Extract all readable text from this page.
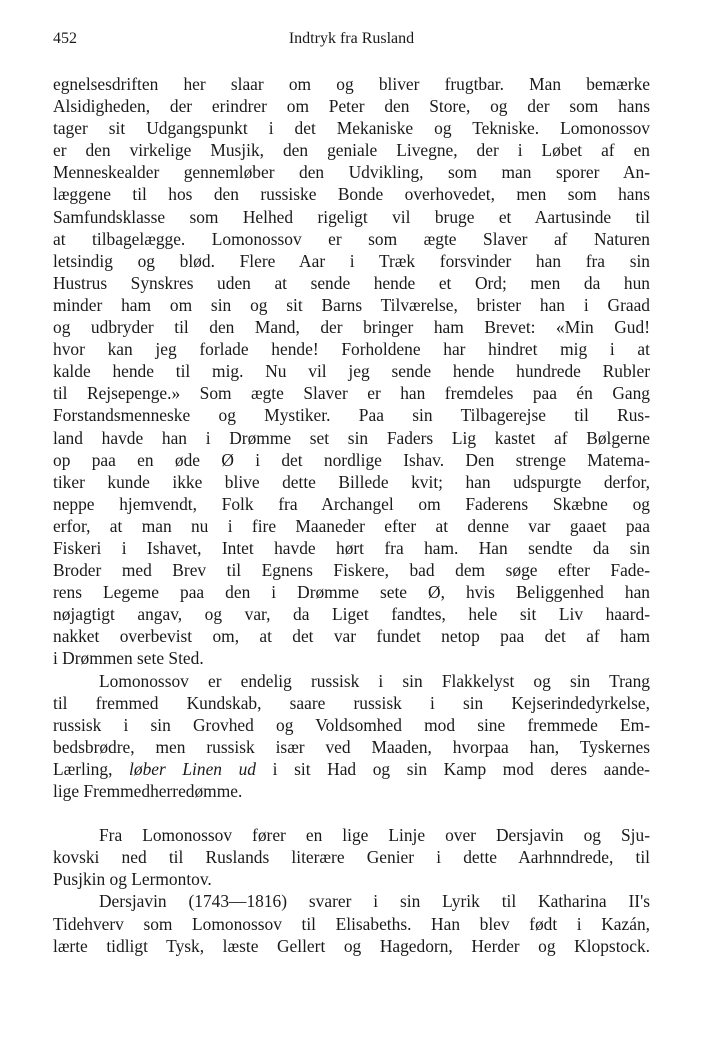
452	Indtryk fra Rusland
egnelsesdriften her slaar om og bliver frugtbar. Man bemærke
Alsidigheden, der erindrer om Peter den Store, og der som hans
tager sit Udgangspunkt i det Mekaniske og Tekniske. Lomonossov
er den virkelige Musjik, den geniale Livegne, der i Løbet af en
Menneskealder gennemløber den Udvikling, som man sporer An-
læggene til hos den russiske Bonde overhovedet, men som hans
Samfundsklasse som Helhed rigeligt vil bruge et Aartusinde til
at tilbagelægge. Lomonossov er som ægte Slaver af Naturen
letsindig og blød. Flere Aar i Træk forsvinder han fra sin
Hustrus Synskres uden at sende hende et Ord; men da hun
minder ham om sin og sit Barns Tilværelse, brister han i Graad
og udbryder til den Mand, der bringer ham Brevet: «Min Gud!
hvor kan jeg forlade hende! Forholdene har hindret mig i at
kalde hende til mig. Nu vil jeg sende hende hundrede Rubler
til Rejsepenge.» Som ægte Slaver er han fremdeles paa én Gang
Forstandsmenneske og Mystiker. Paa sin Tilbagerejse til Rus-
land havde han i Drømme set sin Faders Lig kastet af Bølgerne
op paa en øde Ø i det nordlige Ishav. Den strenge Matema-
tiker kunde ikke blive dette Billede kvit; han udspurgte derfor,
neppe hjemvendt, Folk fra Archangel om Faderens Skæbne og
erfor, at man nu i fire Maaneder efter at denne var gaaet paa
Fiskeri i Ishavet, Intet havde hørt fra ham. Han sendte da sin
Broder med Brev til Egnens Fiskere, bad dem søge efter Fade-
rens Legeme paa den i Drømme sete Ø, hvis Beliggenhed han
nøjagtigt angav, og var, da Liget fandtes, hele sit Liv haard-
nakket overbevist om, at det var fundet netop paa det af ham
i Drømmen sete Sted.
Lomonossov er endelig russisk i sin Flakkelyst og sin Trang
til fremmed Kundskab, saare russisk i sin Kejserindedyrkelse,
russisk i sin Grovhed og Voldsomhed mod sine fremmede Em-
bedsbrødre, men russisk især ved Maaden, hvorpaa han, Tyskernes
Lærling, løber Linen ud i sit Had og sin Kamp mod deres aande-
lige Fremmedherredømme.
Fra Lomonossov fører en lige Linje over Dersjavin og Sju-
kovski ned til Ruslands literære Genier i dette Aarhnndrede, til
Pusjkin og Lermontov.
Dersjavin (1743—1816) svarer i sin Lyrik til Katharina II's
Tidehverv som Lomonossov til Elisabeths. Han blev født i Kazán,
lærte tidligt Tysk, læste Gellert og Hagedorn, Herder og Klopstock.
